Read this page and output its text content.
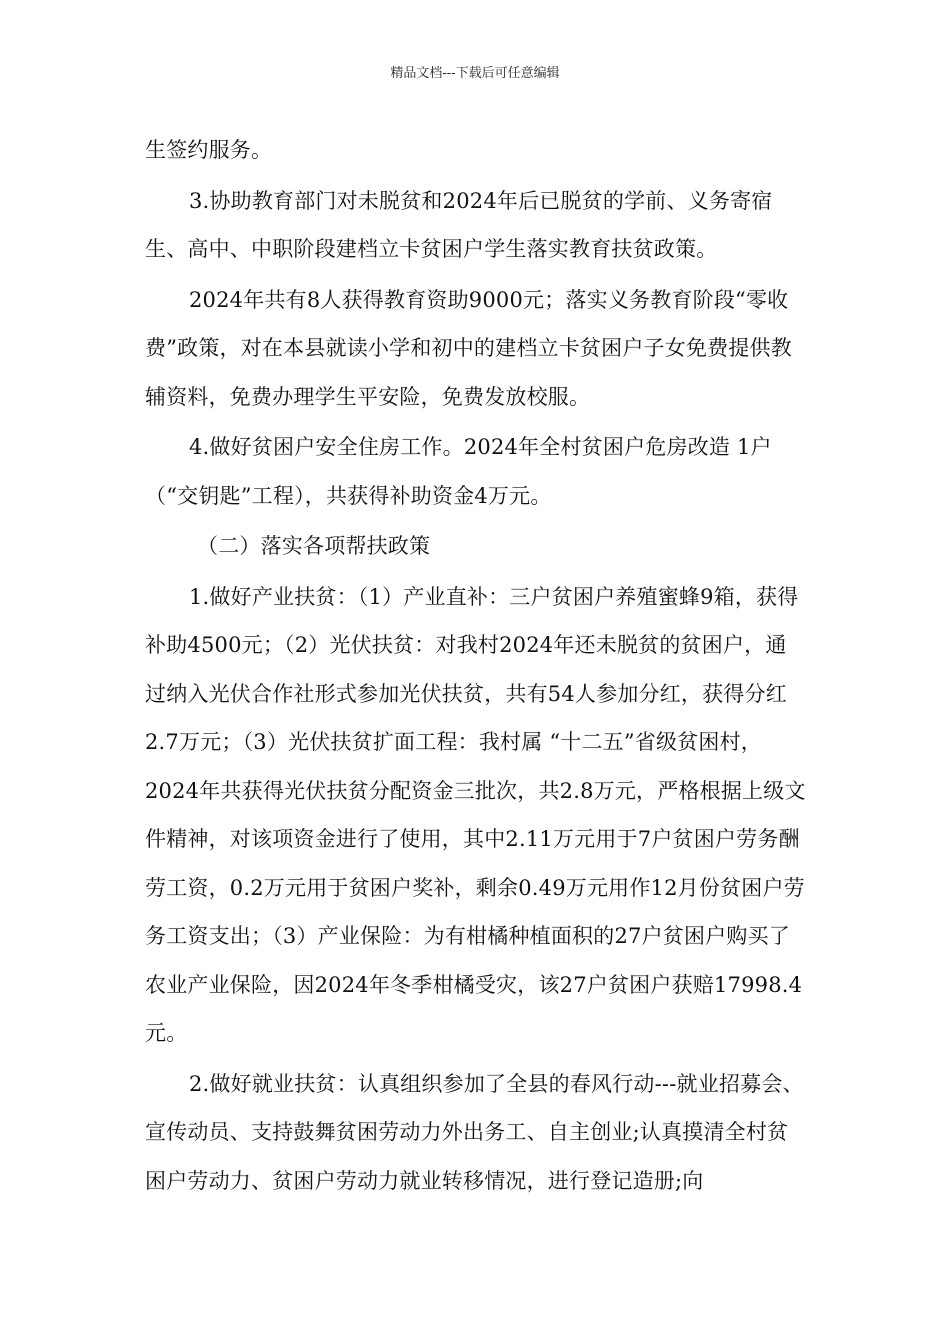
精品文档---下载后可任意编辑

生签约服务。

3.协助教育部门对未脱贫和2024年后已脱贫的学前、义务寄宿生、高中、中职阶段建档立卡贫困户学生落实教育扶贫政策。

2024年共有8人获得教育资助9000元；落实义务教育阶段“零收费”政策，对在本县就读小学和初中的建档立卡贫困户子女免费提供教辅资料，免费办理学生平安险，免费发放校服。

4.做好贫困户安全住房工作。2024年全村贫困户危房改造 1户（“交钥匙”工程），共获得补助资金4万元。

（二）落实各项帮扶政策

1.做好产业扶贫：（1）产业直补：三户贫困户养殖蜜蜂9箱，获得补助4500元；（2）光伏扶贫：对我村2024年还未脱贫的贫困户，通过纳入光伏合作社形式参加光伏扶贫，共有54人参加分红，获得分红2.7万元；（3）光伏扶贫扩面工程：我村属 “十二五”省级贫困村，2024年共获得光伏扶贫分配资金三批次，共2.8万元，严格根据上级文件精神，对该项资金进行了使用，其中2.11万元用于7户贫困户劳务酬劳工资，0.2万元用于贫困户奖补，剩余0.49万元用作12月份贫困户劳务工资支出；（3）产业保险：为有柑橘种植面积的27户贫困户购买了农业产业保险，因2024年冬季柑橘受灾，该27户贫困户获赔17998.4元。

2.做好就业扶贫：认真组织参加了全县的春风行动---就业招募会、宣传动员、支持鼓舞贫困劳动力外出务工、自主创业;认真摸清全村贫困户劳动力、贫困户劳动力就业转移情况，进行登记造册;向
